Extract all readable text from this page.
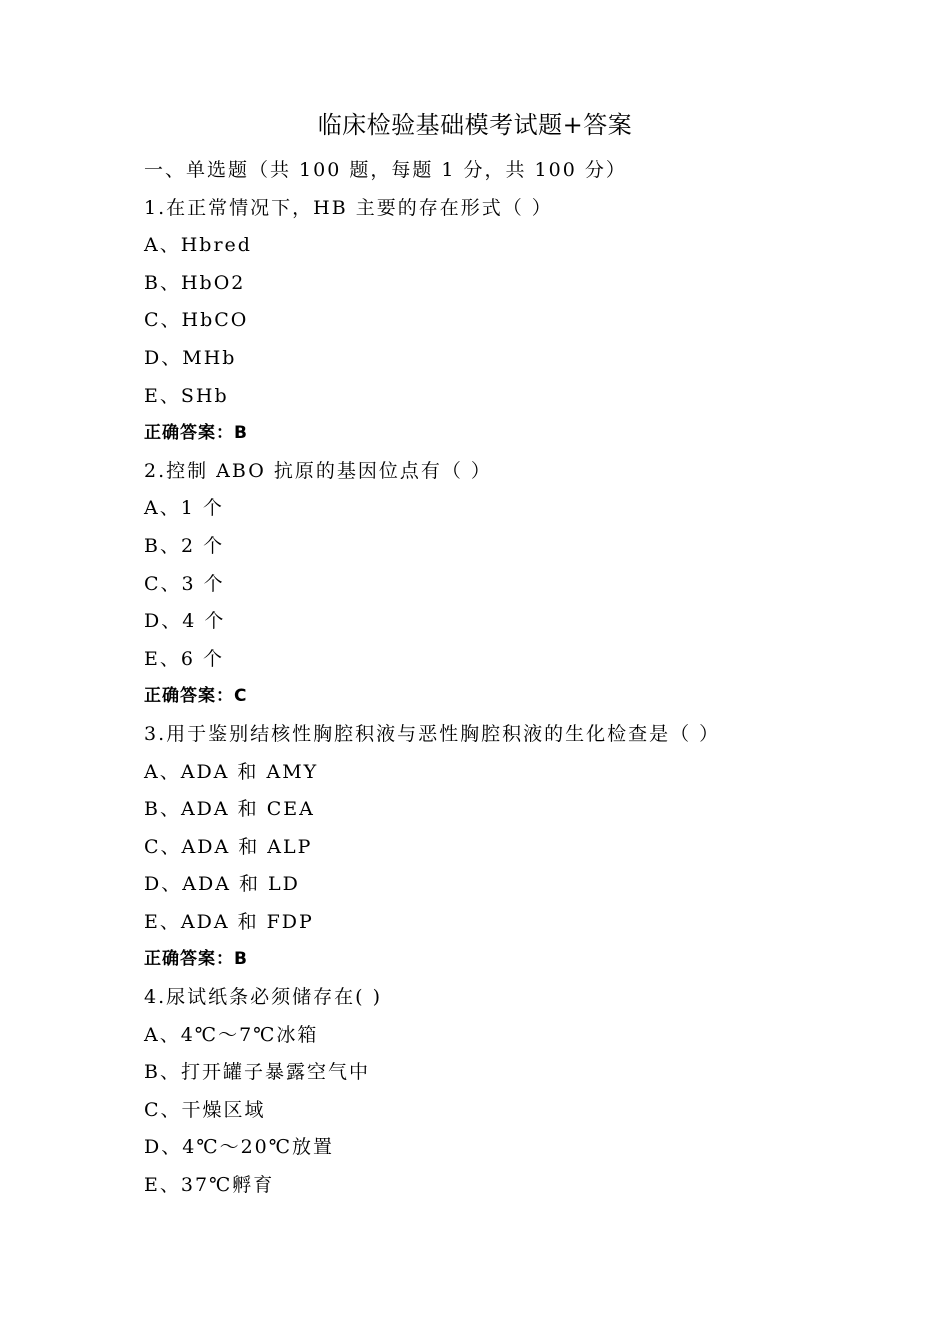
临床检验基础模考试题+答案
一、单选题（共 100 题，每题 1 分，共 100 分）
1.在正常情况下，HB 主要的存在形式（ ）
A、Hbred
B、HbO2
C、HbCO
D、MHb
E、SHb
正确答案：B
2.控制 ABO 抗原的基因位点有（ ）
A、1 个
B、2 个
C、3 个
D、4 个
E、6 个
正确答案：C
3.用于鉴别结核性胸腔积液与恶性胸腔积液的生化检查是（ ）
A、ADA 和 AMY
B、ADA 和 CEA
C、ADA 和 ALP
D、ADA 和 LD
E、ADA 和 FDP
正确答案：B
4.尿试纸条必须储存在( )
A、4℃～7℃冰箱
B、打开罐子暴露空气中
C、干燥区域
D、4℃～20℃放置
E、37℃孵育
